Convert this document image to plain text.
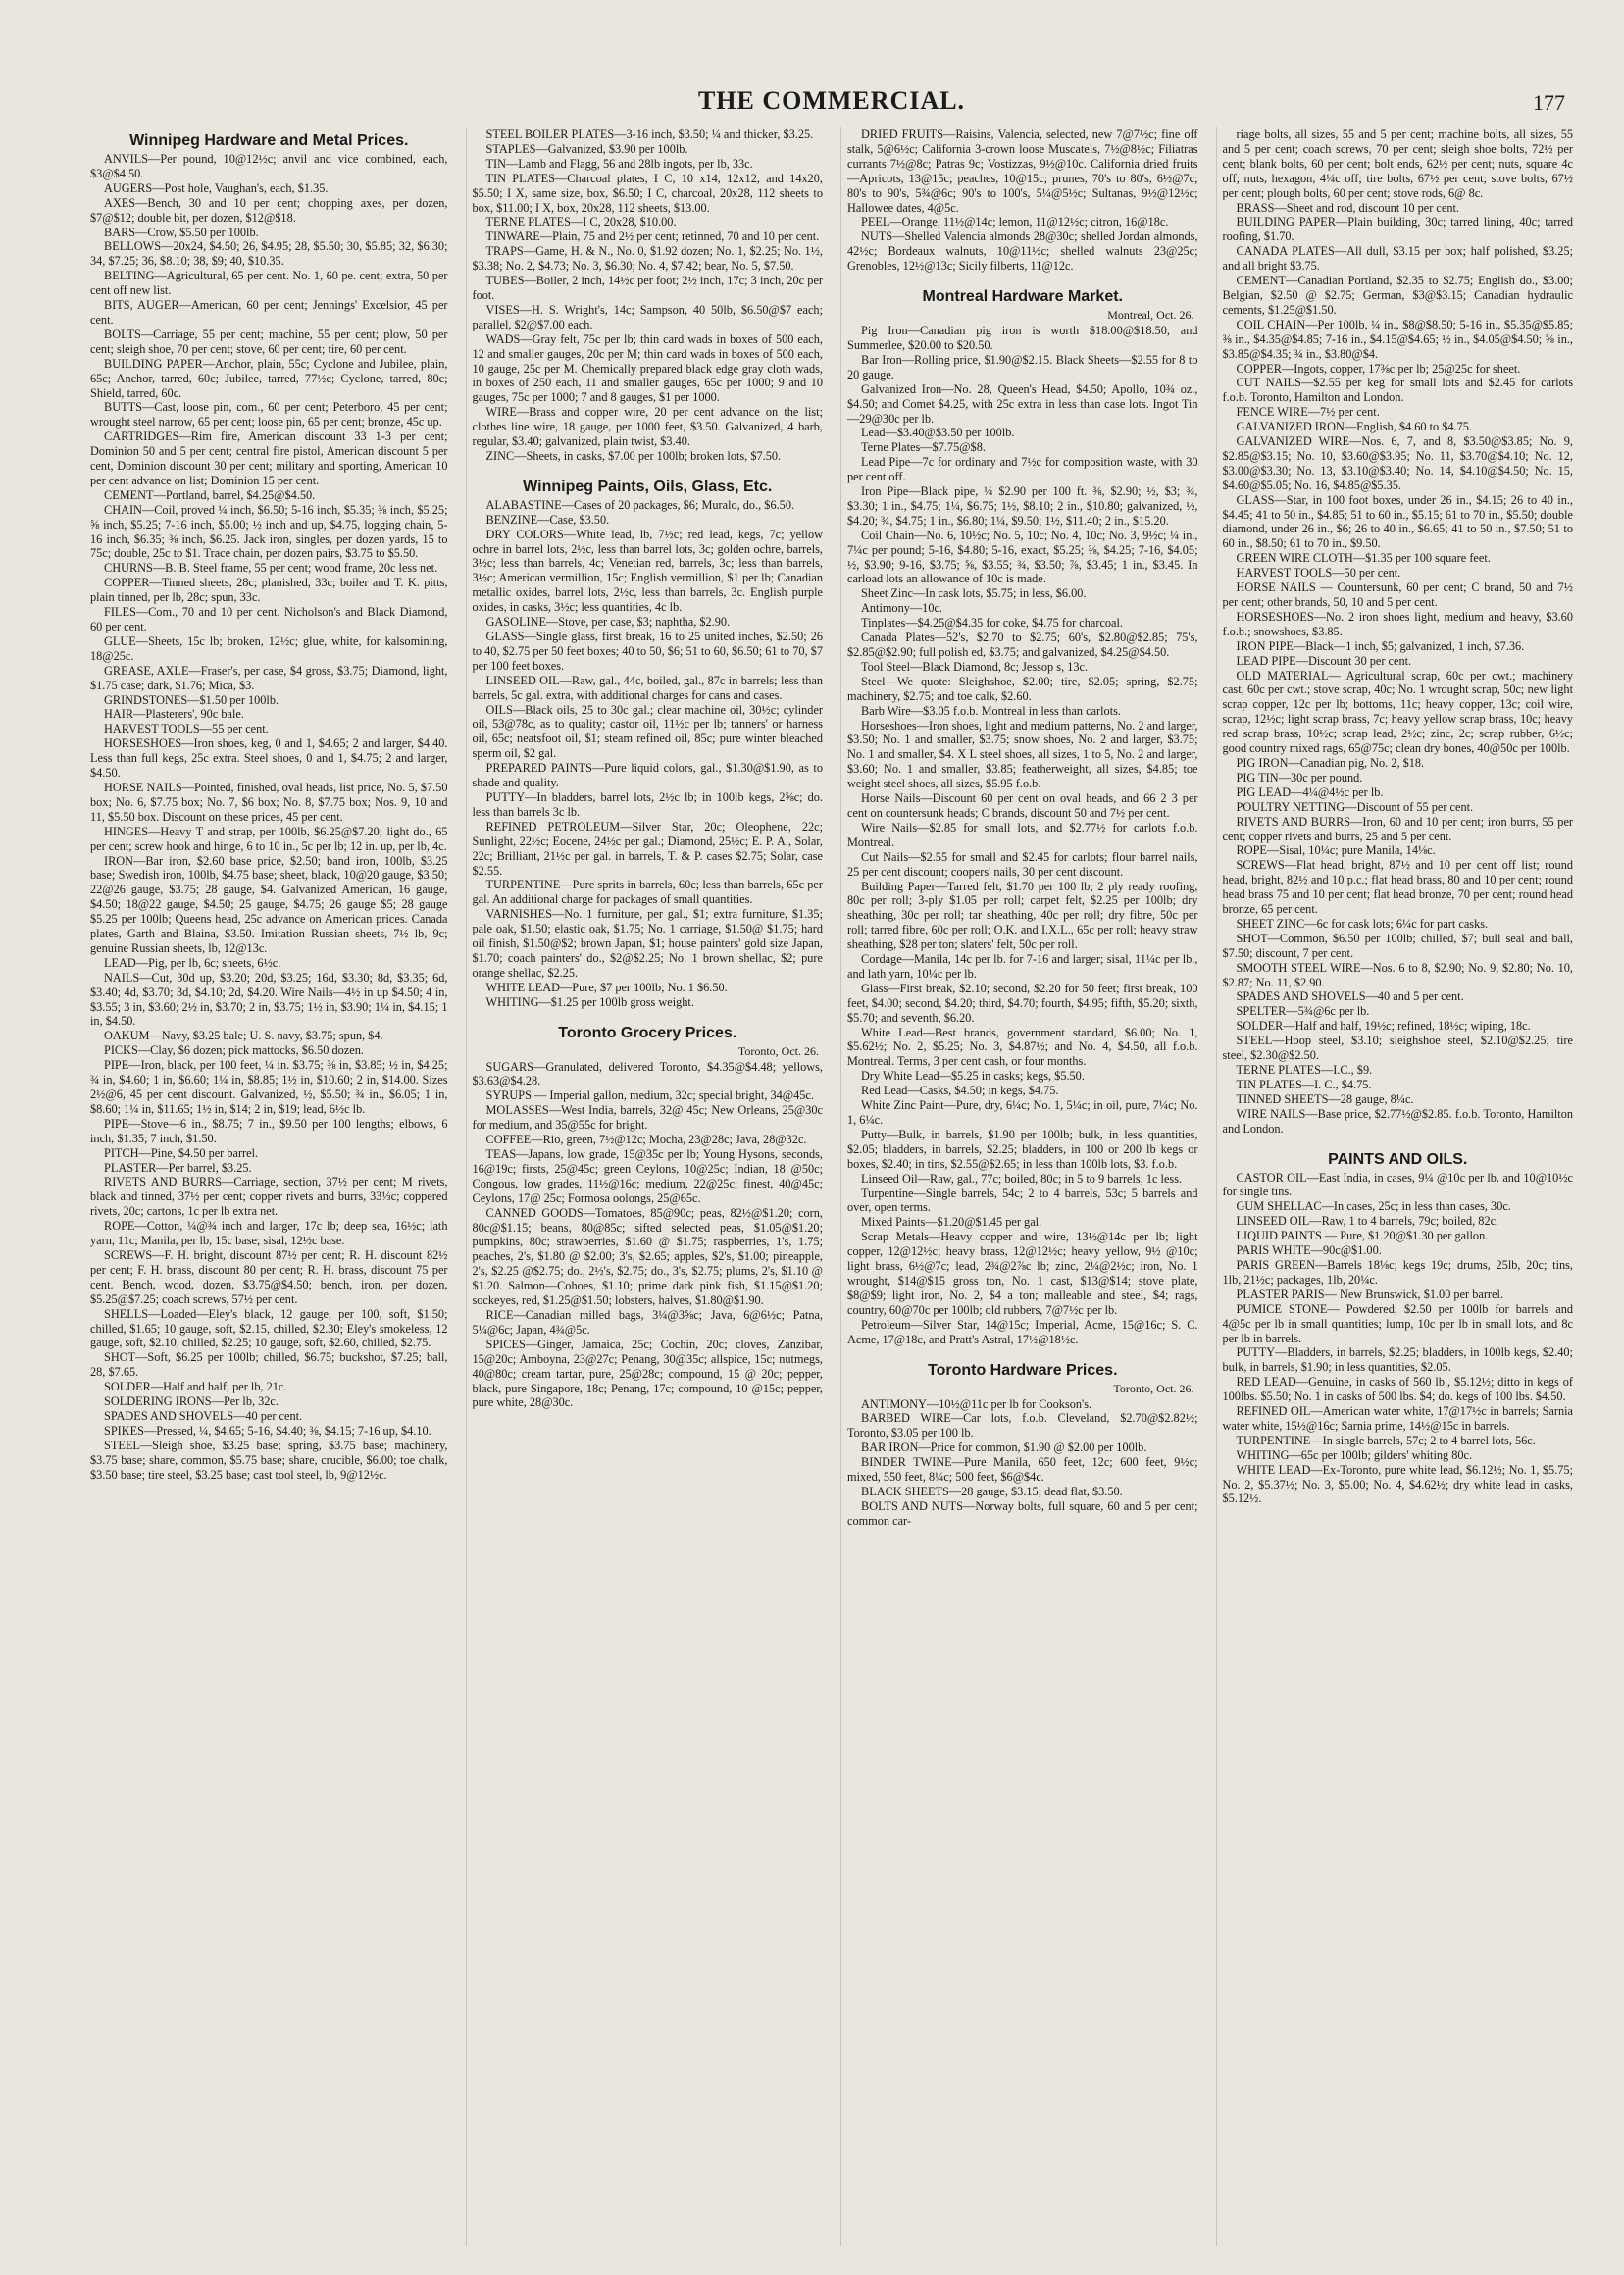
THE COMMERCIAL.	177
Winnipeg Hardware and Metal Prices.

ANVILS—Per pound, 10@12½c; anvil and vice combined, each, $3@$4.50.

AUGERS—Post hole, Vaughan's, each, $1.35.

AXES—Bench, 30 and 10 per cent; chopping axes, per dozen, $7@$12; double bit, per dozen, $12@$18.

BARS—Crow, $5.50 per 100lb.

BELLOWS—20x24, $4.50; 26, $4.95; 28, $5.50; 30, $5.85; 32, $6.30; 34, $7.25; 36, $8.10; 38, $9; 40, $10.35.

BELTING—Agricultural, 65 per cent. No. 1, 60 pe. cent; extra, 50 per cent off new list.

BITS, AUGER—American, 60 per cent; Jennings' Excelsior, 45 per cent.

BOLTS—Carriage, 55 per cent; machine, 55 per cent; plow, 50 per cent; sleigh shoe, 70 per cent; stove, 60 per cent; tire, 60 per cent.

BUILDING PAPER—Anchor, plain, 55c; Cyclone and Jubilee, plain, 65c; Anchor, tarred, 60c; Jubilee, tarred, 77½c; Cyclone, tarred, 80c; Shield, tarred, 60c.

BUTTS—Cast, loose pin, com., 60 per cent; Peterboro, 45 per cent; wrought steel narrow, 65 per cent; loose pin, 65 per cent; bronze, 45c up.

CARTRIDGES—Rim fire, American discount 33 1-3 per cent; Dominion 50 and 5 per cent; central fire pistol, American discount 5 per cent, Dominion discount 30 per cent; military and sporting, American 10 per cent advance on list; Dominion 15 per cent.

CEMENT—Portland, barrel, $4.25@$4.50.

CHAIN—Coil, proved ¼ inch, $6.50; 5-16 inch, $5.35; ⅜ inch, $5.25; ⅝ inch, $5.25; 7-16 inch, $5.00; ½ inch and up, $4.75, logging chain, 5-16 inch, $6.35; ⅜ inch, $6.25. Jack iron, singles, per dozen yards, 15 to 75c; double, 25c to $1. Trace chain, per dozen pairs, $3.75 to $5.50.

CHURNS—B. B. Steel frame, 55 per cent; wood frame, 20c less net.

COPPER—Tinned sheets, 28c; planished, 33c; boiler and T. K. pitts, plain tinned, per lb, 28c; spun, 33c.

FILES—Com., 70 and 10 per cent. Nicholson's and Black Diamond, 60 per cent.

GLUE—Sheets, 15c lb; broken, 12½c; glue, white, for kalsomining, 18@25c.

GREASE, AXLE—Fraser's, per case, $4 gross, $3.75; Diamond, light, $1.75 case; dark, $1.76; Mica, $3.

GRINDSTONES—$1.50 per 100lb.

HAIR—Plasterers', 90c bale.

HARVEST TOOLS—55 per cent.

HORSESHOES—Iron shoes, keg, 0 and 1, $4.65; 2 and larger, $4.40. Less than full kegs, 25c extra. Steel shoes, 0 and 1, $4.75; 2 and larger, $4.50.

HORSE NAILS—Pointed, finished, oval heads, list price, No. 5, $7.50 box; No. 6, $7.75 box; No. 7, $6 box; No. 8, $7.75 box; Nos. 9, 10 and 11, $5.50 box. Discount on these prices, 45 per cent.

HINGES—Heavy T and strap, per 100lb, $6.25@$7.20; light do., 65 per cent; screw hook and hinge, 6 to 10 in., 5c per lb; 12 in. up, per lb, 4c.

IRON—Bar iron, $2.60 base price, $2.50; band iron, 100lb, $3.25 base; Swedish iron, 100lb, $4.75 base; sheet, black, 10@20 gauge, $3.50; 22@26 gauge, $3.75; 28 gauge, $4. Galvanized American, 16 gauge, $4.50; 18@22 gauge, $4.50; 25 gauge, $4.75; 26 gauge $5; 28 gauge $5.25 per 100lb; Queens head, 25c advance on American prices. Canada plates, Garth and Blaina, $3.50. Imitation Russian sheets, 7½ lb, 9c; genuine Russian sheets, lb, 12@13c.

LEAD—Pig, per lb, 6c; sheets, 6½c.

NAILS—Cut, 30d up, $3.20; 20d, $3.25; 16d, $3.30; 8d, $3.35; 6d, $3.40; 4d, $3.70; 3d, $4.10; 2d, $4.20. Wire Nails—4½ in up $4.50; 4 in, $3.55; 3 in, $3.60; 2½ in, $3.70; 2 in, $3.75; 1½ in, $3.90; 1¼ in, $4.15; 1 in, $4.50.

OAKUM—Navy, $3.25 bale; U. S. navy, $3.75; spun, $4.

PICKS—Clay, $6 dozen; pick mattocks, $6.50 dozen.

PIPE—Iron, black, per 100 feet, ¼ in. $3.75; ⅜ in, $3.85; ½ in, $4.25; ¾ in, $4.60; 1 in, $6.60; 1¼ in, $8.85; 1½ in, $10.60; 2 in, $14.00. Sizes 2½@6, 45 per cent discount. Galvanized, ½, $5.50; ¾ in., $6.05; 1 in, $8.60; 1¼ in, $11.65; 1½ in, $14; 2 in, $19; lead, 6½c lb.

PIPE—Stove—6 in., $8.75; 7 in., $9.50 per 100 lengths; elbows, 6 inch, $1.35; 7 inch, $1.50.

PITCH—Pine, $4.50 per barrel.

PLASTER—Per barrel, $3.25.

RIVETS AND BURRS—Carriage, section, 37½ per cent; M rivets, black and tinned, 37½ per cent; copper rivets and burrs, 33⅓c; coppered rivets, 20c; cartons, 1c per lb extra net.

ROPE—Cotton, ¼@¾ inch and larger, 17c lb; deep sea, 16½c; lath yarn, 11c; Manila, per lb, 15c base; sisal, 12½c base.

SCREWS—F. H. bright, discount 87½ per cent; R. H. discount 82½ per cent; F. H. brass, discount 80 per cent; R. H. brass, discount 75 per cent. Bench, wood, dozen, $3.75@$4.50; bench, iron, per dozen, $5.25@$7.25; coach screws, 57½ per cent.

SHELLS—Loaded—Eley's black, 12 gauge, per 100, soft, $1.50; chilled, $1.65; 10 gauge, soft, $2.15, chilled, $2.30; Eley's smokeless, 12 gauge, soft, $2.10, chilled, $2.25; 10 gauge, soft, $2.60, chilled, $2.75.

SHOT—Soft, $6.25 per 100lb; chilled, $6.75; buckshot, $7.25; ball, 28, $7.65.

SOLDER—Half and half, per lb, 21c.

SOLDERING IRONS—Per lb, 32c.

SPADES AND SHOVELS—40 per cent.

SPIKES—Pressed, ¼, $4.65; 5-16, $4.40; ⅜, $4.15; 7-16 up, $4.10.

STEEL—Sleigh shoe, $3.25 base; spring, $3.75 base; machinery, $3.75 base; share, common, $5.75 base; share, crucible, $6.00; toe chalk, $3.50 base; tire steel, $3.25 base; cast tool steel, lb, 9@12½c.

STEEL BOILER PLATES—3-16 inch, $3.50; ¼ and thicker, $3.25.

STAPLES—Galvanized, $3.90 per 100lb.

TIN—Lamb and Flagg, 56 and 28lb ingots, per lb, 33c.

TIN PLATES—Charcoal plates, I C, 10 x14, 12x12, and 14x20, $5.50; I X, same size, box, $6.50; I C, charcoal, 20x28, 112 sheets to box, $11.00; I X, box, 20x28, 112 sheets, $13.00.

TERNE PLATES—I C, 20x28, $10.00.

TINWARE—Plain, 75 and 2½ per cent; retinned, 70 and 10 per cent.

TRAPS—Game, H. & N., No. 0, $1.92 dozen; No. 1, $2.25; No. 1½, $3.38; No. 2, $4.73; No. 3, $6.30; No. 4, $7.42; bear, No. 5, $7.50.

TUBES—Boiler, 2 inch, 14½c per foot; 2½ inch, 17c; 3 inch, 20c per foot.

VISES—H. S. Wright's, 14c; Sampson, 40 50lb, $6.50@$7 each; parallel, $2@$7.00 each.

WADS—Gray felt, 75c per lb; thin card wads in boxes of 500 each, 12 and smaller gauges, 20c per M; thin card wads in boxes of 500 each, 10 gauge, 25c per M. Chemically prepared black edge gray cloth wads, in boxes of 250 each, 11 and smaller gauges, 65c per 1000; 9 and 10 gauges, 75c per 1000; 7 and 8 gauges, $1 per 1000.

WIRE—Brass and copper wire, 20 per cent advance on the list; clothes line wire, 18 gauge, per 1000 feet, $3.50. Galvanized, 4 barb, regular, $3.40; galvanized, plain twist, $3.40.

ZINC—Sheets, in casks, $7.00 per 100lb; broken lots, $7.50.

Winnipeg Paints, Oils, Glass, Etc.

ALABASTINE—Cases of 20 packages, $6; Muralo, do., $6.50.

BENZINE—Case, $3.50.

DRY COLORS—White lead, lb, 7½c; red lead, kegs, 7c; yellow ochre in barrel lots, 2½c, less than barrel lots, 3c; golden ochre, barrels, 3½c; less than barrels, 4c; Venetian red, barrels, 3c; less than barrels, 3½c; American vermillion, 15c; English vermillion, $1 per lb; Canadian metallic oxides, barrel lots, 2½c, less than barrels, 3c. English purple oxides, in casks, 3½c; less quantities, 4c lb.

GASOLINE—Stove, per case, $3; naphtha, $2.90.

GLASS—Single glass, first break, 16 to 25 united inches, $2.50; 26 to 40, $2.75 per 50 feet boxes; 40 to 50, $6; 51 to 60, $6.50; 61 to 70, $7 per 100 feet boxes.

LINSEED OIL—Raw, gal., 44c, boiled, gal., 87c in barrels; less than barrels, 5c gal. extra, with additional charges for cans and cases.

OILS—Black oils, 25 to 30c gal.; clear machine oil, 30½c; cylinder oil, 53@78c, as to quality; castor oil, 11½c per lb; tanners' or harness oil, 65c; neatsfoot oil, $1; steam refined oil, 85c; pure winter bleached sperm oil, $2 gal.

PREPARED PAINTS—Pure liquid colors, gal., $1.30@$1.90, as to shade and quality.

PUTTY—In bladders, barrel lots, 2½c lb; in 100lb kegs, 2⅝c; do. less than barrels 3c lb.

REFINED PETROLEUM—Silver Star, 20c; Oleophene, 22c; Sunlight, 22½c; Eocene, 24½c per gal.; Diamond, 25½c; E. P. A., Solar, 22c; Brilliant, 21½c per gal. in barrels, T. & P. cases $2.75; Solar, case $2.55.

TURPENTINE—Pure sprits in barrels, 60c; less than barrels, 65c per gal. An additional charge for packages of small quantities.

VARNISHES—No. 1 furniture, per gal., $1; extra furniture, $1.35; pale oak, $1.50; elastic oak, $1.75; No. 1 carriage, $1.50@ $1.75; hard oil finish, $1.50@$2; brown Japan, $1; house painters' gold size Japan, $1.70; coach painters' do., $2@$2.25; No. 1 brown shellac, $2; pure orange shellac, $2.25.

WHITE LEAD—Pure, $7 per 100lb; No. 1 $6.50.

WHITING—$1.25 per 100lb gross weight.

Toronto Grocery Prices.
Toronto, Oct. 26.

SUGARS—Granulated, delivered Toronto, $4.35@$4.48; yellows, $3.63@$4.28.

SYRUPS — Imperial gallon, medium, 32c; special bright, 34@45c.

MOLASSES—West India, barrels, 32@ 45c; New Orleans, 25@30c for medium, and 35@55c for bright.

COFFEE—Rio, green, 7½@12c; Mocha, 23@28c; Java, 28@32c.

TEAS—Japans, low grade, 15@35c per lb; Young Hysons, seconds, 16@19c; firsts, 25@45c; green Ceylons, 10@25c; Indian, 18 @50c; Congous, low grades, 11½@16c; medium, 22@25c; finest, 40@45c; Ceylons, 17@ 25c; Formosa oolongs, 25@65c.

CANNED GOODS—Tomatoes, 85@90c; peas, 82½@$1.20; corn, 80c@$1.15; beans, 80@85c; sifted selected peas, $1.05@$1.20; pumpkins, 80c; strawberries, $1.60 @ $1.75; raspberries, 1's, 1.75; peaches, 2's, $1.80 @ $2.00; 3's, $2.65; apples, $2's, $1.00; pineapple, 2's, $2.25 @$2.75; do., 2½'s, $2.75; do., 3's, $2.75; plums, 2's, $1.10 @ $1.20. Salmon—Cohoes, $1.10; prime dark pink fish, $1.15@$1.20; sockeyes, red, $1.25@$1.50; lobsters, halves, $1.80@$1.90.

RICE—Canadian milled bags, 3¼@3⅝c; Java, 6@6½c; Patna, 5¼@6c; Japan, 4¾@5c.

SPICES—Ginger, Jamaica, 25c; Cochin, 20c; cloves, Zanzibar, 15@20c; Amboyna, 23@27c; Penang, 30@35c; allspice, 15c; nutmegs, 40@80c; cream tartar, pure, 25@28c; compound, 15 @ 20c; pepper, black, pure Singapore, 18c; Penang, 17c; compound, 10 @15c; pepper, pure white, 28@30c.

DRIED FRUITS—Raisins, Valencia, selected, new 7@7½c; fine off stalk, 5@6½c; California 3-crown loose Muscatels, 7½@8½c; Filiatras currants 7½@8c; Patras 9c; Vostizzas, 9½@10c. California dried fruits—Apricots, 13@15c; peaches, 10@15c; prunes, 70's to 80's, 6½@7c; 80's to 90's, 5¾@6c; 90's to 100's, 5¼@5½c; Sultanas, 9½@12½c; Hallowee dates, 4@5c.

PEEL—Orange, 11½@14c; lemon, 11@12½c; citron, 16@18c.

NUTS—Shelled Valencia almonds 28@30c; shelled Jordan almonds, 42½c; Bordeaux walnuts, 10@11½c; shelled walnuts 23@25c; Grenobles, 12½@13c; Sicily filberts, 11@12c.

Montreal Hardware Market.
Montreal, Oct. 26.

Pig Iron—Canadian pig iron is worth $18.00@$18.50, and Summerlee, $20.00 to $20.50.

Bar Iron—Rolling price, $1.90@$2.15. Black Sheets—$2.55 for 8 to 20 gauge.

Galvanized Iron—No. 28, Queen's Head, $4.50; Apollo, 10¾ oz., $4.50; and Comet $4.25, with 25c extra in less than case lots. Ingot Tin—29@30c per lb.

Lead—$3.40@$3.50 per 100lb.

Terne Plates—$7.75@$8.

Lead Pipe—7c for ordinary and 7½c for composition waste, with 30 per cent off.

Iron Pipe—Black pipe, ¼ $2.90 per 100 ft. ⅜, $2.90; ½, $3; ¾, $3.30; 1 in., $4.75; 1¼, $6.75; 1½, $8.10; 2 in., $10.80; galvanized, ½, $4.20; ¾, $4.75; 1 in., $6.80; 1¼, $9.50; 1½, $11.40; 2 in., $15.20.

Coil Chain—No. 6, 10½c; No. 5, 10c; No. 4, 10c; No. 3, 9½c; ¼ in., 7¼c per pound; 5-16, $4.80; 5-16, exact, $5.25; ⅜, $4.25; 7-16, $4.05; ½, $3.90; 9-16, $3.75; ⅝, $3.55; ¾, $3.50; ⅞, $3.45; 1 in., $3.45. In carload lots an allowance of 10c is made.

Sheet Zinc—In cask lots, $5.75; in less, $6.00.

Antimony—10c.

Tinplates—$4.25@$4.35 for coke, $4.75 for charcoal.

Canada Plates—52's, $2.70 to $2.75; 60's, $2.80@$2.85; 75's, $2.85@$2.90; full polish ed, $3.75; and galvanized, $4.25@$4.50.

Tool Steel—Black Diamond, 8c; Jessop s, 13c.

Steel—We quote: Sleighshoe, $2.00; tire, $2.05; spring, $2.75; machinery, $2.75; and toe calk, $2.60.

Barb Wire—$3.05 f.o.b. Montreal in less than carlots.

Horseshoes—Iron shoes, light and medium patterns, No. 2 and larger, $3.50; No. 1 and smaller, $3.75; snow shoes, No. 2 and larger, $3.75; No. 1 and smaller, $4. X L steel shoes, all sizes, 1 to 5, No. 2 and larger, $3.60; No. 1 and smaller, $3.85; featherweight, all sizes, $4.85; toe weight steel shoes, all sizes, $5.95 f.o.b.

Horse Nails—Discount 60 per cent on oval heads, and 66 2 3 per cent on countersunk heads; C brands, discount 50 and 7½ per cent.

Wire Nails—$2.85 for small lots, and $2.77½ for carlots f.o.b. Montreal.

Cut Nails—$2.55 for small and $2.45 for carlots; flour barrel nails, 25 per cent discount; coopers' nails, 30 per cent discount.

Building Paper—Tarred felt, $1.70 per 100 lb; 2 ply ready roofing, 80c per roll; 3-ply $1.05 per roll; carpet felt, $2.25 per 100lb; dry sheathing, 30c per roll; tar sheathing, 40c per roll; dry fibre, 50c per roll; tarred fibre, 60c per roll; O.K. and I.X.L., 65c per roll; heavy straw sheathing, $28 per ton; slaters' felt, 50c per roll.

Cordage—Manila, 14c per lb. for 7-16 and larger; sisal, 11¼c per lb., and lath yarn, 10¼c per lb.

Glass—First break, $2.10; second, $2.20 for 50 feet; first break, 100 feet, $4.00; second, $4.20; third, $4.70; fourth, $4.95; fifth, $5.20; sixth, $5.70; and seventh, $6.20.

White Lead—Best brands, government standard, $6.00; No. 1, $5.62½; No. 2, $5.25; No. 3, $4.87½; and No. 4, $4.50, all f.o.b. Montreal. Terms, 3 per cent cash, or four months.

Dry White Lead—$5.25 in casks; kegs, $5.50.

Red Lead—Casks, $4.50; in kegs, $4.75.

White Zinc Paint—Pure, dry, 6¼c; No. 1, 5¼c; in oil, pure, 7¼c; No. 1, 6¼c.

Putty—Bulk, in barrels, $1.90 per 100lb; bulk, in less quantities, $2.05; bladders, in barrels, $2.25; bladders, in 100 or 200 lb kegs or boxes, $2.40; in tins, $2.55@$2.65; in less than 100lb lots, $3. f.o.b.

Linseed Oil—Raw, gal., 77c; boiled, 80c; in 5 to 9 barrels, 1c less.

Turpentine—Single barrels, 54c; 2 to 4 barrels, 53c; 5 barrels and over, open terms.

Mixed Paints—$1.20@$1.45 per gal.

Scrap Metals—Heavy copper and wire, 13½@14c per lb; light copper, 12@12½c; heavy brass, 12@12½c; heavy yellow, 9½ @10c; light brass, 6½@7c; lead, 2¾@2⅞c lb; zinc, 2¼@2½c; iron, No. 1 wrought, $14@$15 gross ton, No. 1 cast, $13@$14; stove plate, $8@$9; light iron, No. 2, $4 a ton; malleable and steel, $4; rags, country, 60@70c per 100lb; old rubbers, 7@7½c per lb.

Petroleum—Silver Star, 14@15c; Imperial, Acme, 15@16c; S. C. Acme, 17@18c, and Pratt's Astral, 17½@18½c.

Toronto Hardware Prices.
Toronto, Oct. 26.

ANTIMONY—10½@11c per lb for Cookson's.

BARBED WIRE—Car lots, f.o.b. Cleveland, $2.70@$2.82½; Toronto, $3.05 per 100 lb.

BAR IRON—Price for common, $1.90 @ $2.00 per 100lb.

BINDER TWINE—Pure Manila, 650 feet, 12c; 600 feet, 9½c; mixed, 550 feet, 8¼c; 500 feet, $6@$4c.

BLACK SHEETS—28 gauge, $3.15; dead flat, $3.50.

BOLTS AND NUTS—Norway bolts, full square, 60 and 5 per cent; common car-

riage bolts, all sizes, 55 and 5 per cent; machine bolts, all sizes, 55 and 5 per cent; coach screws, 70 per cent; sleigh shoe bolts, 72½ per cent; blank bolts, 60 per cent; bolt ends, 62½ per cent; nuts, square 4c off; nuts, hexagon, 4¼c off; tire bolts, 67½ per cent; stove bolts, 67½ per cent; plough bolts, 60 per cent; stove rods, 6@ 8c.

BRASS—Sheet and rod, discount 10 per cent.

BUILDING PAPER—Plain building, 30c; tarred lining, 40c; tarred roofing, $1.70.

CANADA PLATES—All dull, $3.15 per box; half polished, $3.25; and all bright $3.75.

CEMENT—Canadian Portland, $2.35 to $2.75; English do., $3.00; Belgian, $2.50 @ $2.75; German, $3@$3.15; Canadian hydraulic cements, $1.25@$1.50.

COIL CHAIN—Per 100lb, ¼ in., $8@$8.50; 5-16 in., $5.35@$5.85; ⅜ in., $4.35@$4.85; 7-16 in., $4.15@$4.65; ½ in., $4.05@$4.50; ⅝ in., $3.85@$4.35; ¾ in., $3.80@$4.

COPPER—Ingots, copper, 17⅜c per lb; 25@25c for sheet.

CUT NAILS—$2.55 per keg for small lots and $2.45 for carlots f.o.b. Toronto, Hamilton and London.

FENCE WIRE—7½ per cent.

GALVANIZED IRON—English, $4.60 to $4.75.

GALVANIZED WIRE—Nos. 6, 7, and 8, $3.50@$3.85; No. 9, $2.85@$3.15; No. 10, $3.60@$3.95; No. 11, $3.70@$4.10; No. 12, $3.00@$3.30; No. 13, $3.10@$3.40; No. 14, $4.10@$4.50; No. 15, $4.60@$5.05; No. 16, $4.85@$5.35.

GLASS—Star, in 100 foot boxes, under 26 in., $4.15; 26 to 40 in., $4.45; 41 to 50 in., $4.85; 51 to 60 in., $5.15; 61 to 70 in., $5.50; double diamond, under 26 in., $6; 26 to 40 in., $6.65; 41 to 50 in., $7.50; 51 to 60 in., $8.50; 61 to 70 in., $9.50.

GREEN WIRE CLOTH—$1.35 per 100 square feet.

HARVEST TOOLS—50 per cent.

HORSE NAILS — Countersunk, 60 per cent; C brand, 50 and 7½ per cent; other brands, 50, 10 and 5 per cent.

HORSESHOES—No. 2 iron shoes light, medium and heavy, $3.60 f.o.b.; snowshoes, $3.85.

IRON PIPE—Black—1 inch, $5; galvanized, 1 inch, $7.36.

LEAD PIPE—Discount 30 per cent.

OLD MATERIAL— Agricultural scrap, 60c per cwt.; machinery cast, 60c per cwt.; stove scrap, 40c; No. 1 wrought scrap, 50c; new light scrap copper, 12c per lb; bottoms, 11c; heavy copper, 13c; coil wire, scrap, 12½c; light scrap brass, 7c; heavy yellow scrap brass, 10c; heavy red scrap brass, 10½c; scrap lead, 2½c; zinc, 2c; scrap rubber, 6½c; good country mixed rags, 65@75c; clean dry bones, 40@50c per 100lb.

PIG IRON—Canadian pig, No. 2, $18.

PIG TIN—30c per pound.

PIG LEAD—4¼@4½c per lb.

POULTRY NETTING—Discount of 55 per cent.

RIVETS AND BURRS—Iron, 60 and 10 per cent; iron burrs, 55 per cent; copper rivets and burrs, 25 and 5 per cent.

ROPE—Sisal, 10¼c; pure Manila, 14⅛c.

SCREWS—Flat head, bright, 87½ and 10 per cent off list; round head, bright, 82½ and 10 p.c.; flat head brass, 80 and 10 per cent; round head brass 75 and 10 per cent; flat head bronze, 70 per cent; round head bronze, 65 per cent.

SHEET ZINC—6c for cask lots; 6¼c for part casks.

SHOT—Common, $6.50 per 100lb; chilled, $7; bull seal and ball, $7.50; discount, 7 per cent.

SMOOTH STEEL WIRE—Nos. 6 to 8, $2.90; No. 9, $2.80; No. 10, $2.87; No. 11, $2.90.

SPADES AND SHOVELS—40 and 5 per cent.

SPELTER—5¾@6c per lb.

SOLDER—Half and half, 19½c; refined, 18½c; wiping, 18c.

STEEL—Hoop steel, $3.10; sleighshoe steel, $2.10@$2.25; tire steel, $2.30@$2.50.

TERNE PLATES—I.C., $9.

TIN PLATES—I. C., $4.75.

TINNED SHEETS—28 gauge, 8¼c.

WIRE NAILS—Base price, $2.77½@$2.85. f.o.b. Toronto, Hamilton and London.

PAINTS AND OILS.

CASTOR OIL—East India, in cases, 9¼ @10c per lb. and 10@10½c for single tins.

GUM SHELLAC—In cases, 25c; in less than cases, 30c.

LINSEED OIL—Raw, 1 to 4 barrels, 79c; boiled, 82c.

LIQUID PAINTS — Pure, $1.20@$1.30 per gallon.

PARIS WHITE—90c@$1.00.

PARIS GREEN—Barrels 18⅛c; kegs 19c; drums, 25lb, 20c; tins, 1lb, 21½c; packages, 1lb, 20¼c.

PLASTER PARIS— New Brunswick, $1.00 per barrel.

PUMICE STONE— Powdered, $2.50 per 100lb for barrels and 4@5c per lb in small quantities; lump, 10c per lb in small lots, and 8c per lb in barrels.

PUTTY—Bladders, in barrels, $2.25; bladders, in 100lb kegs, $2.40; bulk, in barrels, $1.90; in less quantities, $2.05.

RED LEAD—Genuine, in casks of 560 lb., $5.12½; ditto in kegs of 100lbs. $5.50; No. 1 in casks of 500 lbs. $4; do. kegs of 100 lbs. $4.50.

REFINED OIL—American water white, 17@17½c in barrels; Sarnia water white, 15½@16c; Sarnia prime, 14½@15c in barrels.

TURPENTINE—In single barrels, 57c; 2 to 4 barrel lots, 56c.

WHITING—65c per 100lb; gilders' whiting 80c.

WHITE LEAD—Ex-Toronto, pure white lead, $6.12½; No. 1, $5.75; No. 2, $5.37½; No. 3, $5.00; No. 4, $4.62½; dry white lead in casks, $5.12½.
